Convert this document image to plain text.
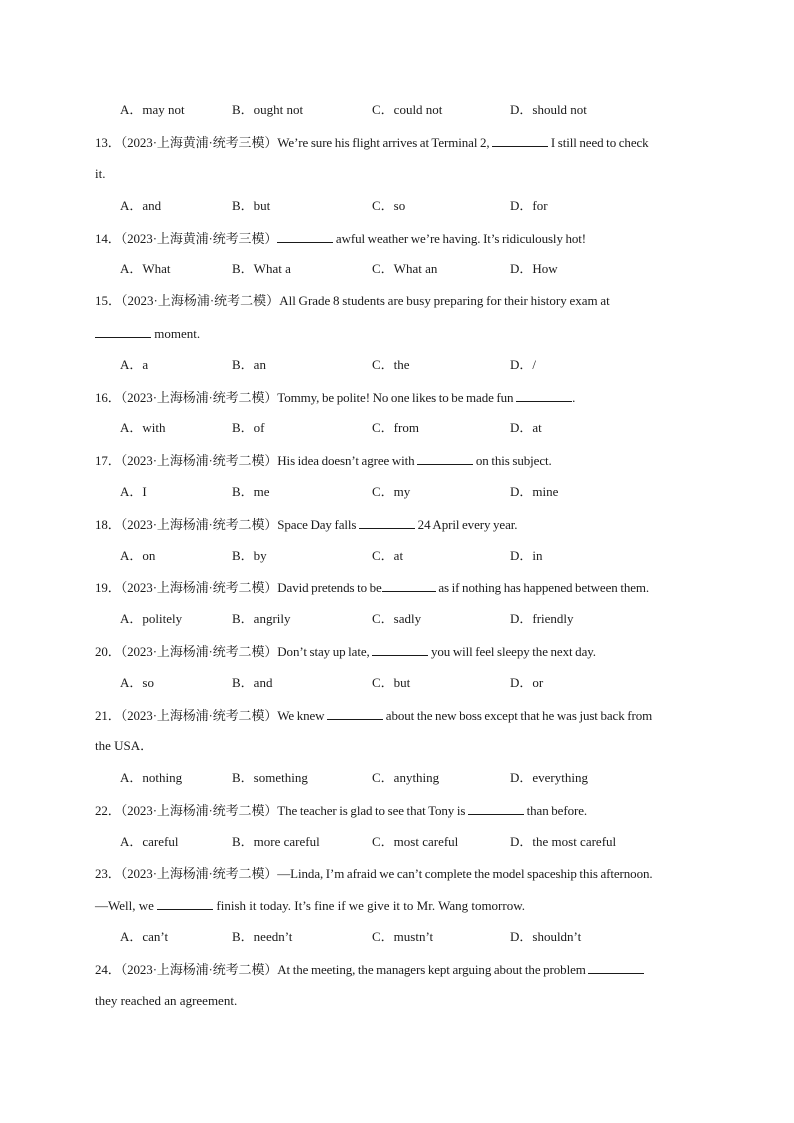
A．may not	B．ought not	C．could not	D．should not
13．（2023·上海黄浦·统考三模）We’re sure his flight arrives at Terminal 2,	I still need to check
it.
A．and	B．but	C．so	D．for
14．（2023·上海黄浦·统考三模）	awful weather we’re having. It’s ridiculously hot!
A．What	B．What a	C．What an	D．How
15．（2023·上海杨浦·统考二模）All Grade 8 students are busy preparing for their history exam at
moment.
A．a	B．an	C．the	D．/
16．（2023·上海杨浦·统考二模）Tommy, be polite! No one likes to be made fun	.
A．with	B．of	C．from	D．at
17．（2023·上海杨浦·统考二模）His idea doesn’t agree with	on this subject.
A．I	B．me	C．my	D．mine
18．（2023·上海杨浦·统考二模）Space Day falls	24 April every year.
A．on	B．by	C．at	D．in
19．（2023·上海杨浦·统考二模）David pretends to be	as if nothing has happened between them.
A．politely	B．angrily	C．sadly	D．friendly
20．（2023·上海杨浦·统考二模）Don’t stay up late,	you will feel sleepy the next day.
A．so	B．and	C．but	D．or
21．（2023·上海杨浦·统考二模）We knew	about the new boss except that he was just back from
the USA．
A．nothing	B．something	C．anything	D．everything
22．（2023·上海杨浦·统考二模）The teacher is glad to see that Tony is	than before.
A．careful	B．more careful	C．most careful	D．the most careful
23．（2023·上海杨浦·统考二模）—Linda, I’m afraid we can’t complete the model spaceship this afternoon.
—Well, we	finish it today. It’s fine if we give it to Mr. Wang tomorrow.
A．can’t	B．needn’t	C．mustn’t	D．shouldn’t
24．（2023·上海杨浦·统考二模）At the meeting, the managers kept arguing about the problem
they reached an agreement.
